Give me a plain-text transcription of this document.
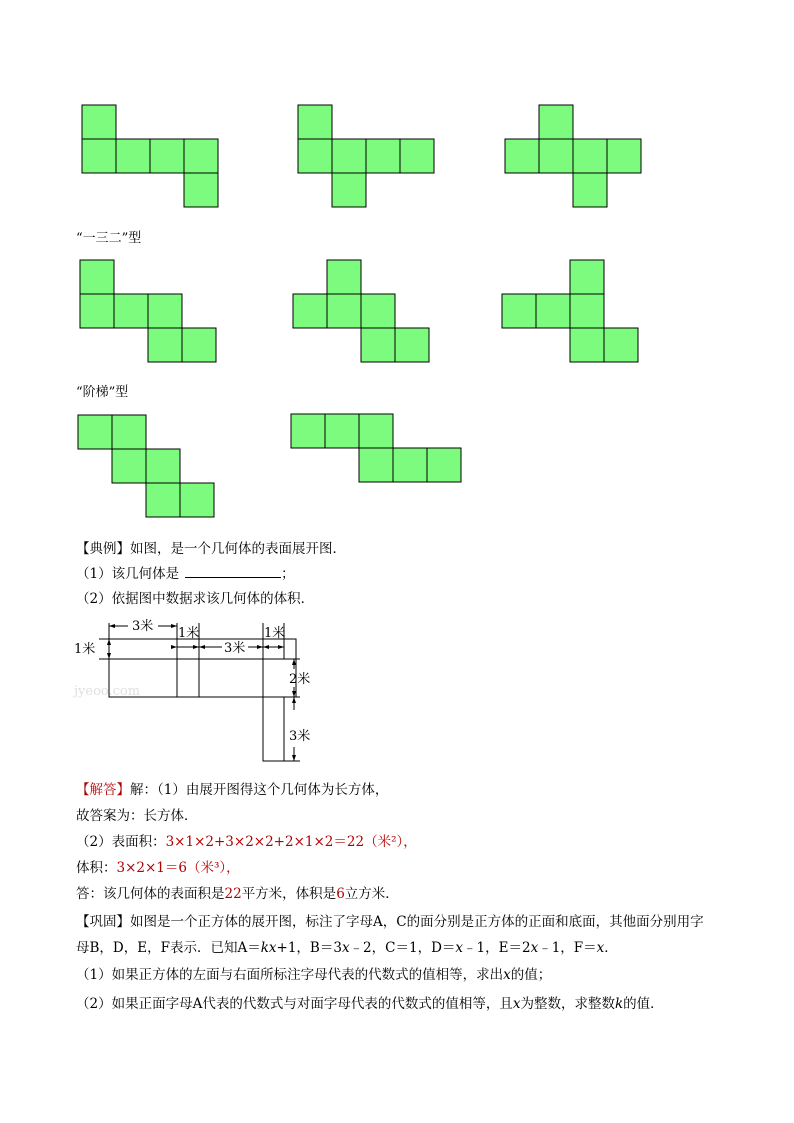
“一三二”型
“阶梯”型
【典例】如图，是一个几何体的表面展开图．
（1）该几何体是	；
（2）依据图中数据求该几何体的体积．
jyeoo.com
3米 1米
3米
1米
1米
2米
3米
【解答】解：（1）由展开图得这个几何体为长方体，
故答案为：长方体．
（2）表面积：3×1×2+3×2×2+2×1×2＝22（米²），
体积：3×2×1＝6（米³），
答：该几何体的表面积是22平方米，体积是6立方米．
【巩固】如图是一个正方体的展开图，标注了字母A，C的面分别是正方体的正面和底面，其他面分别用字
母B，D，E，F表示．已知A＝kx+1，B＝3x﹣2，C＝1，D＝x﹣1，E＝2x﹣1，F＝x．
（1）如果正方体的左面与右面所标注字母代表的代数式的值相等，求出x的值；
（2）如果正面字母A代表的代数式与对面字母代表的代数式的值相等，且x为整数，求整数k的值．
